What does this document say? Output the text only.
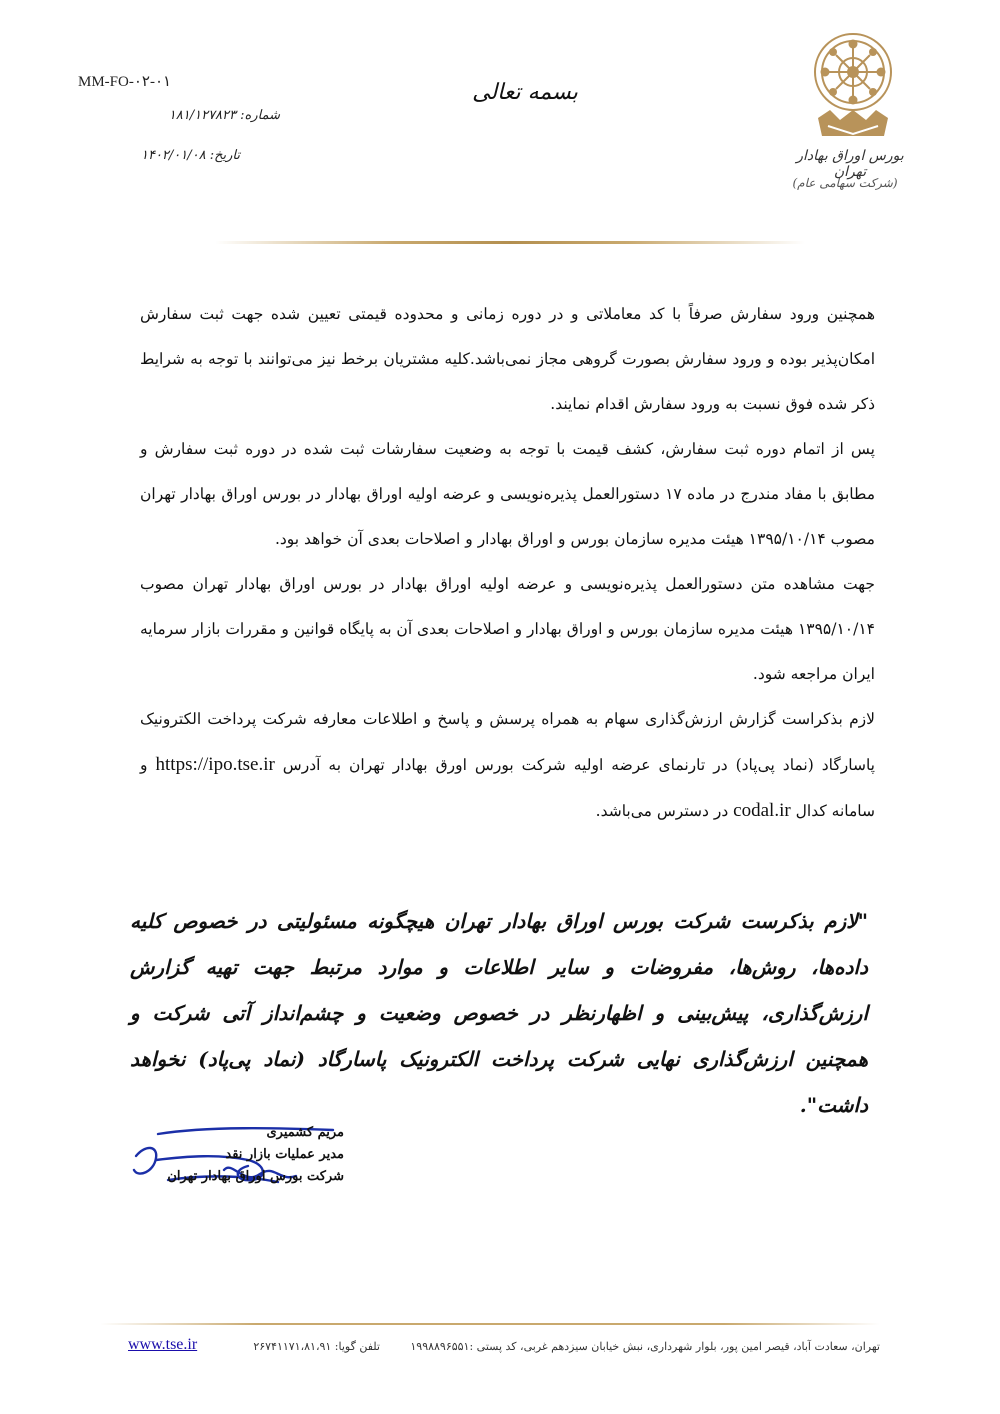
MM-FO-۰۲-۰۱	بسمه تعالی
شماره: ۱۸۱/۱۲۷۸۲۳
تاریخ: ۱۴۰۲/۰۱/۰۸	بورس اوراق بهادار تهران
(شرکت سهامی عام)

همچنین ورود سفارش صرفاً با کد معاملاتی و در دوره زمانی و محدوده قیمتی تعیین شده جهت ثبت سفارش امکان‌پذیر بوده و ورود سفارش بصورت گروهی مجاز نمی‌باشد.کلیه مشتریان برخط نیز می‌توانند با توجه به شرایط ذکر شده فوق نسبت به ورود سفارش اقدام نمایند.

پس از اتمام دوره ثبت سفارش، کشف قیمت با توجه به وضعیت سفارشات ثبت شده در دوره ثبت سفارش و مطابق با مفاد مندرج در ماده ۱۷ دستورالعمل پذیره‌نویسی و عرضه اولیه اوراق بهادار در بورس اوراق بهادار تهران مصوب ۱۳۹۵/۱۰/۱۴ هیئت مدیره سازمان بورس و اوراق بهادار و اصلاحات بعدی آن خواهد بود.

جهت مشاهده متن دستورالعمل پذیره‌نویسی و عرضه اولیه اوراق بهادار در بورس اوراق بهادار تهران مصوب ۱۳۹۵/۱۰/۱۴ هیئت مدیره سازمان بورس و اوراق بهادار و اصلاحات بعدی آن به پایگاه قوانین و مقررات بازار سرمایه ایران مراجعه شود.

لازم بذکراست گزارش ارزش‌گذاری سهام به همراه پرسش و پاسخ و اطلاعات معارفه شرکت پرداخت الکترونیک پاسارگاد (نماد پی‌پاد) در تارنمای عرضه اولیه شرکت بورس اورق بهادار تهران به آدرس https://ipo.tse.ir و سامانه کدال codal.ir در دسترس می‌باشد.

"لازم بذکرست شرکت بورس اوراق بهادار تهران هیچگونه مسئولیتی در خصوص کلیه داده‌ها، روش‌ها، مفروضات و سایر اطلاعات و موارد مرتبط جهت تهیه گزارش ارزش‌گذاری، پیش‌بینی و اظهارنظر در خصوص وضعیت و چشم‌انداز آتی شرکت و همچنین ارزش‌گذاری نهایی شرکت پرداخت الکترونیک پاسارگاد (نماد پی‌پاد) نخواهد داشت".
مریم کشمیری
مدیر عملیات بازار نقد
شرکت بورس اوراق بهادار تهران
تهران، سعادت آباد، قیصر امین پور، بلوار شهرداری، نبش خیابان سیزدهم غربی، کد پستی :۱۹۹۸۸۹۶۵۵۱
تلفن گویا: ۲۶۷۴۱۱۷۱،۸۱،۹۱
www.tse.ir
